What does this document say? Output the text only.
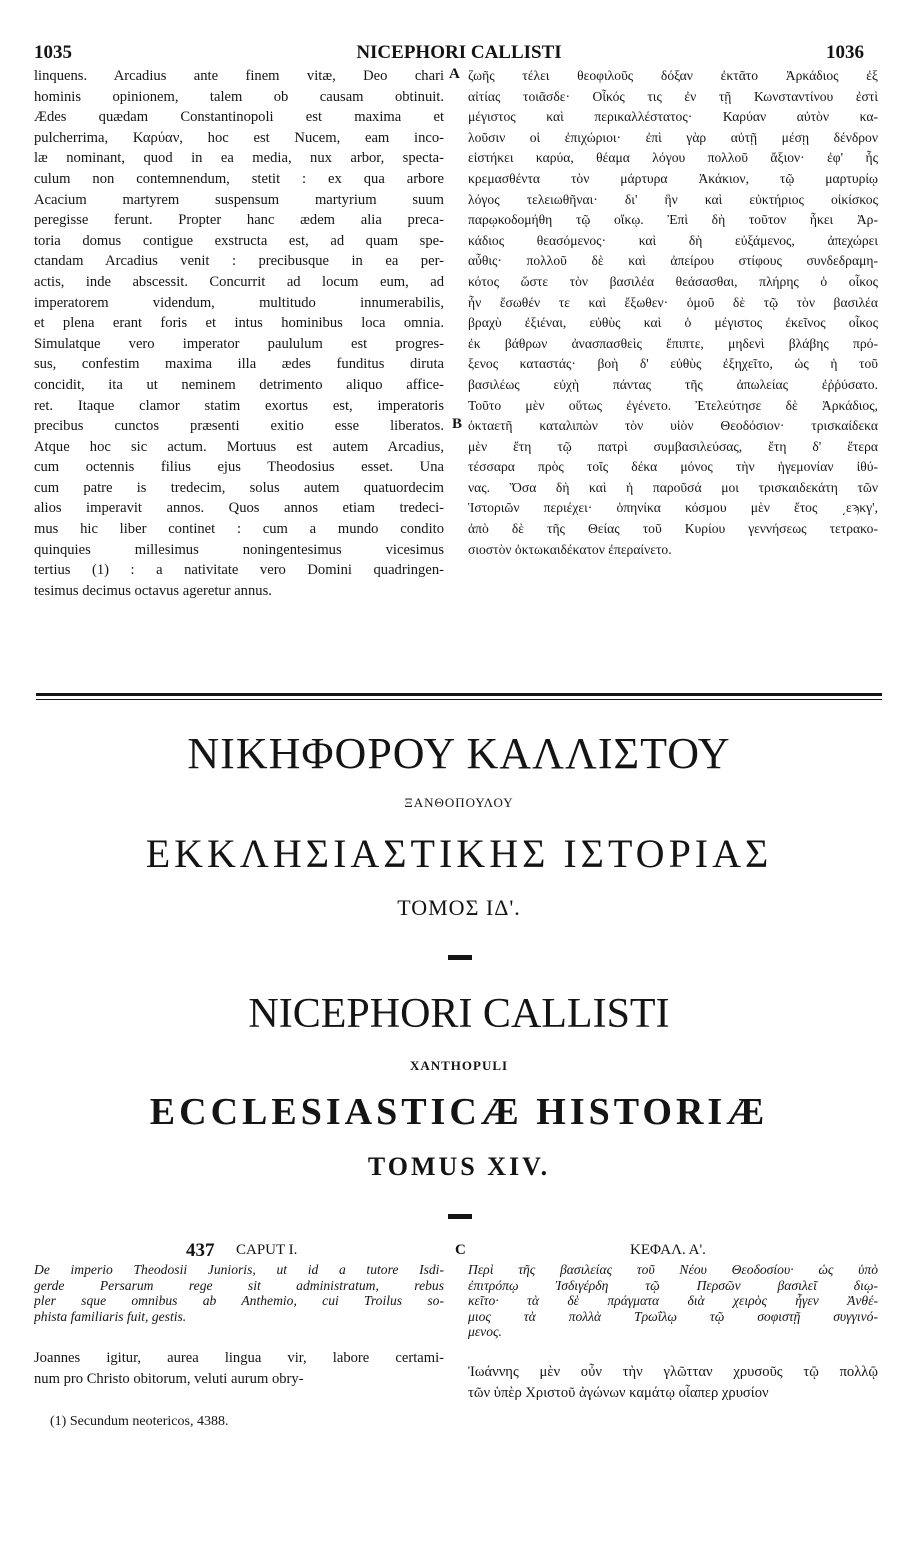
1035	NICEPHORI CALLISTI	1036
linquens. Arcadius ante finem vitæ, Deo chari
hominis opinionem, talem ob causam obtinuit.
Ædes quædam Constantinopoli est maxima et
pulcherrima, Καρύαν, hoc est Nucem, eam inco-
læ nominant, quod in ea media, nux arbor, specta-
culum non contemnendum, stetit : ex qua arbore
Acacium martyrem suspensum martyrium suum
peregisse ferunt. Propter hanc ædem alia preca-
toria domus contigue exstructa est, ad quam spe-
ctandam Arcadius venit : precibusque in ea per-
actis, inde abscessit. Concurrit ad locum eum, ad
imperatorem videndum, multitudo innumerabilis,
et plena erant foris et intus hominibus loca omnia.
Simulatque vero imperator paululum est progres-
sus, confestim maxima illa ædes funditus diruta
concidit, ita ut neminem detrimento aliquo affice-
ret. Itaque clamor statim exortus est, imperatoris
precibus cunctos præsenti exitio esse liberatos.
Atque hoc sic actum. Mortuus est autem Arcadius,
cum octennis filius ejus Theodosius esset. Una
cum patre is tredecim, solus autem quatuordecim
alios imperavit annos. Quos annos etiam tredeci-
mus hic liber continet : cum a mundo condito
quinquies millesimus noningentesimus vicesimus
tertius (1) : a nativitate vero Domini quadringen-
tesimus decimus octavus ageretur annus.
A
B
ζωῆς τέλει θεοφιλοῦς δόξαν ἐκτᾶτο Ἀρκάδιος ἐξ
αἰτίας τοιᾶσδε· Οἶκός τις ἐν τῇ Κωνσταντίνου ἐστὶ
μέγιστος καὶ περικαλλέστατος· Καρύαν αὐτὸν κα-
λοῦσιν οἱ ἐπιχώριοι· ἐπὶ γὰρ αὐτῇ μέσῃ δένδρον
εἱστήκει καρύα, θέαμα λόγου πολλοῦ ἄξιον· ἐφ' ἧς
κρεμασθέντα τὸν μάρτυρα Ἀκάκιον, τῷ μαρτυρίῳ
λόγος τελειωθῆναι· δι' ἣν καὶ εὐκτήριος οἰκίσκος
παρῳκοδομήθη τῷ οἴκῳ. Ἐπὶ δὴ τοῦτον ἧκει Ἀρ-
κάδιος θεασόμενος· καὶ δὴ εὐξάμενος, ἀπεχώρει
αὖθις· πολλοῦ δὲ καὶ ἀπείρου στίφους συνδεδραμη-
κότος ὥστε τὸν βασιλέα θεάσασθαι, πλήρης ὁ οἶκος
ἦν ἔσωθέν τε καὶ ἔξωθεν· ὁμοῦ δὲ τῷ τὸν βασιλέα
βραχὺ ἐξιέναι, εὐθὺς καὶ ὁ μέγιστος ἐκεῖνος οἶκος
ἐκ βάθρων ἀνασπασθεὶς ἔπιπτε, μηδενὶ βλάβης πρό-
ξενος καταστάς· βοὴ δ' εὐθὺς ἐξηχεῖτο, ὡς ἡ τοῦ
βασιλέως εὐχὴ πάντας τῆς ἀπωλείας ἐῤῥύσατο.
Τοῦτο μὲν οὕτως ἐγένετο. Ἐτελεύτησε δὲ Ἀρκάδιος,
ὀκταετῆ καταλιπὼν τὸν υἱὸν Θεοδόσιον· τρισκαίδεκα
μὲν ἔτη τῷ πατρὶ συμβασιλεύσας, ἔτη δ' ἕτερα
τέσσαρα πρὸς τοῖς δέκα μόνος τὴν ἡγεμονίαν ἰθύ-
νας. Ὅσα δὴ καὶ ἡ παροῦσά μοι τρισκαιδεκάτη τῶν
Ἱστοριῶν περιέχει· ὁπηνίκα κόσμου μὲν ἔτος ͵εϡκγ',
ἀπὸ δὲ τῆς Θείας τοῦ Κυρίου γεννήσεως τετρακο-
σιοστὸν ὀκτωκαιδέκατον ἐπεραίνετο.
ΝΙΚΗΦΟΡΟΥ ΚΑΛΛΙΣΤΟΥ
ΞΑΝΘΟΠΟΥΛΟΥ
ΕΚΚΛΗΣΙΑΣΤΙΚΗΣ ΙΣΤΟΡΙΑΣ
ΤΟΜΟΣ ΙΔ'.
NICEPHORI CALLISTI
XANTHOPULI
ECCLESIASTICÆ HISTORIÆ
TOMUS XIV.
437 CAPUT I.	C	ΚΕΦΑΛ. Α'.
De imperio Theodosii Junioris, ut id a tutore Isdi-
gerde Persarum rege sit administratum, rebus
pler sque omnibus ab Anthemio, cui Troilus so-
phista familiaris fuit, gestis.
Περὶ τῆς βασιλείας τοῦ Νέου Θεοδοσίου· ὡς ὑπὸ
ἐπιτρόπῳ Ἰσδιγέρδη τῷ Περσῶν βασιλεῖ διῳ-
κεῖτο· τὰ δὲ πράγματα διὰ χειρὸς ἦγεν Ἀνθέ-
μιος τὰ πολλὰ Τρωΐλῳ τῷ σοφιστῇ συγγινό-
μενος.
Joannes igitur, aurea lingua vir, labore certami-
num pro Christo obitorum, veluti aurum obry-	Ἰωάννης μὲν οὖν τὴν γλῶτταν χρυσοῦς τῷ πολλῷ
τῶν ὑπὲρ Χριστοῦ ἀγώνων καμάτῳ οἷαπερ χρυσίον
(1) Secundum neotericos, 4388.
